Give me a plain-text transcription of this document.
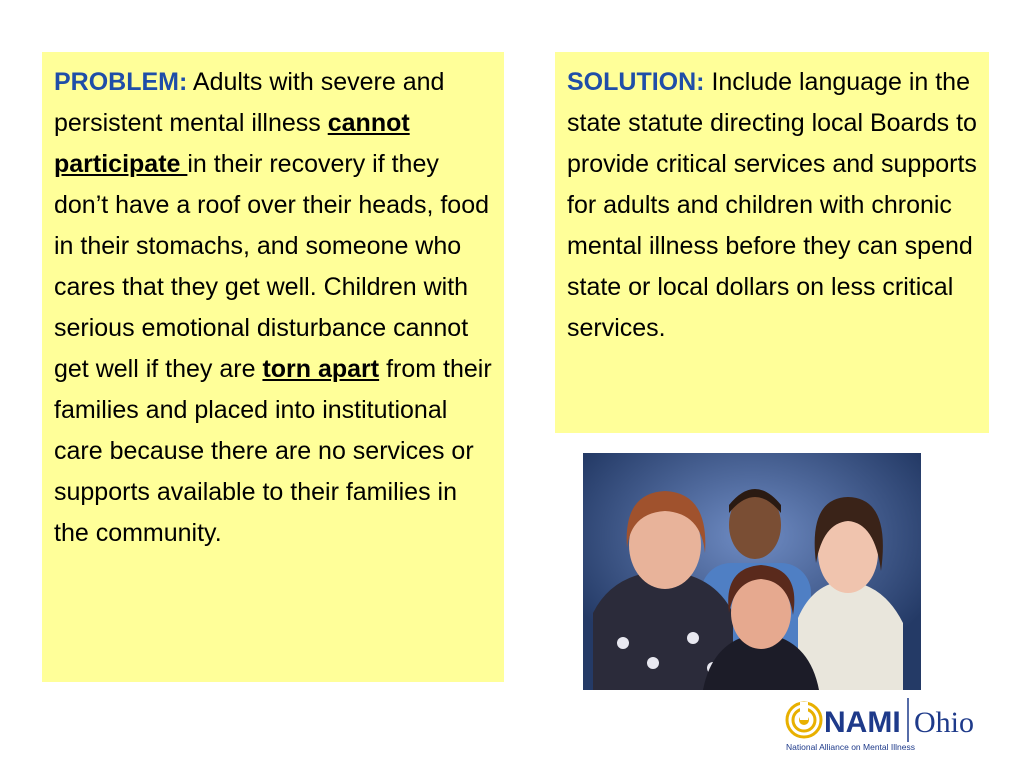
PROBLEM: Adults with severe and persistent mental illness cannot participate in their recovery if they don’t have a roof over their heads, food in their stomachs, and someone who cares that they get well. Children with serious emotional disturbance cannot get well if they are torn apart from their families and placed into institutional care because there are no services or supports available to their families in the community.
SOLUTION: Include language in the state statute directing local Boards to provide critical services and supports for adults and children with chronic mental illness before they can spend state or local dollars on less critical services.
NAMI Ohio
National Alliance on Mental Illness
